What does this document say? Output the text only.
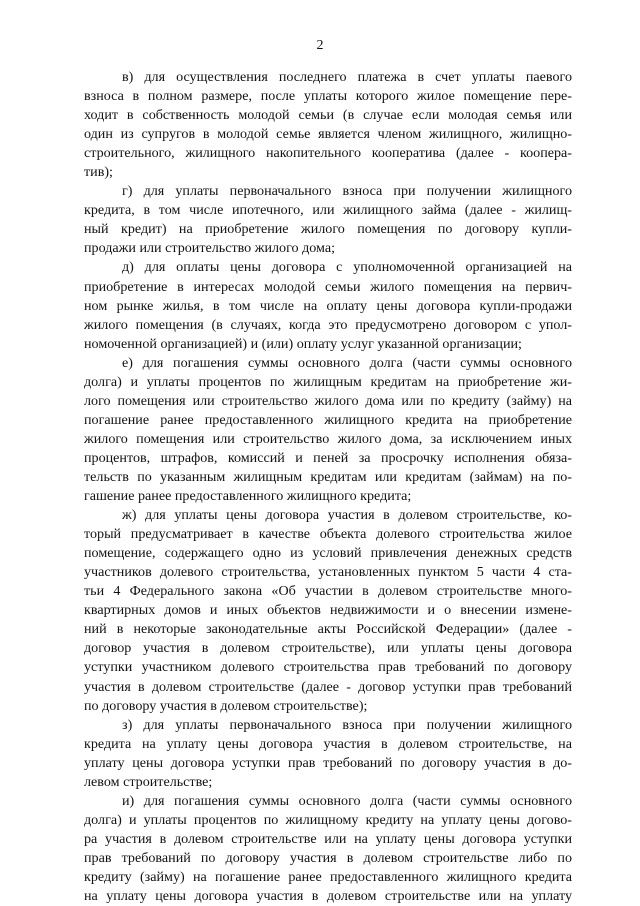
2

в) для осуществления последнего платежа в счет уплаты паевого
взноса в полном размере, после уплаты которого жилое помещение пере-
ходит в собственность молодой семьи (в случае если молодая семья или
один из супругов в молодой семье является членом жилищного, жилищно-
строительного, жилищного накопительного кооператива (далее - коопера-
тив);

г) для уплаты первоначального взноса при получении жилищного
кредита, в том числе ипотечного, или жилищного займа (далее - жилищ-
ный кредит) на приобретение жилого помещения по договору купли-
продажи или строительство жилого дома;

д) для оплаты цены договора с уполномоченной организацией на
приобретение в интересах молодой семьи жилого помещения на первич-
ном рынке жилья, в том числе на оплату цены договора купли-продажи
жилого помещения (в случаях, когда это предусмотрено договором с упол-
номоченной организацией) и (или) оплату услуг указанной организации;

е) для погашения суммы основного долга (части суммы основного
долга) и уплаты процентов по жилищным кредитам на приобретение жи-
лого помещения или строительство жилого дома или по кредиту (займу) на
погашение ранее предоставленного жилищного кредита на приобретение
жилого помещения или строительство жилого дома, за исключением иных
процентов, штрафов, комиссий и пеней за просрочку исполнения обяза-
тельств по указанным жилищным кредитам или кредитам (займам) на по-
гашение ранее предоставленного жилищного кредита;

ж) для уплаты цены договора участия в долевом строительстве, ко-
торый предусматривает в качестве объекта долевого строительства жилое
помещение, содержащего одно из условий привлечения денежных средств
участников долевого строительства, установленных пунктом 5 части 4 ста-
тьи 4 Федерального закона «Об участии в долевом строительстве много-
квартирных домов и иных объектов недвижимости и о внесении измене-
ний в некоторые законодательные акты Российской Федерации» (далее -
договор участия в долевом строительстве), или уплаты цены договора
уступки участником долевого строительства прав требований по договору
участия в долевом строительстве (далее - договор уступки прав требований
по договору участия в долевом строительстве);

з) для уплаты первоначального взноса при получении жилищного
кредита на уплату цены договора участия в долевом строительстве, на
уплату цены договора уступки прав требований по договору участия в до-
левом строительстве;

и) для погашения суммы основного долга (части суммы основного
долга) и уплаты процентов по жилищному кредиту на уплату цены догово-
ра участия в долевом строительстве или на уплату цены договора уступки
прав требований по договору участия в долевом строительстве либо по
кредиту (займу) на погашение ранее предоставленного жилищного кредита
на уплату цены договора участия в долевом строительстве или на уплату
